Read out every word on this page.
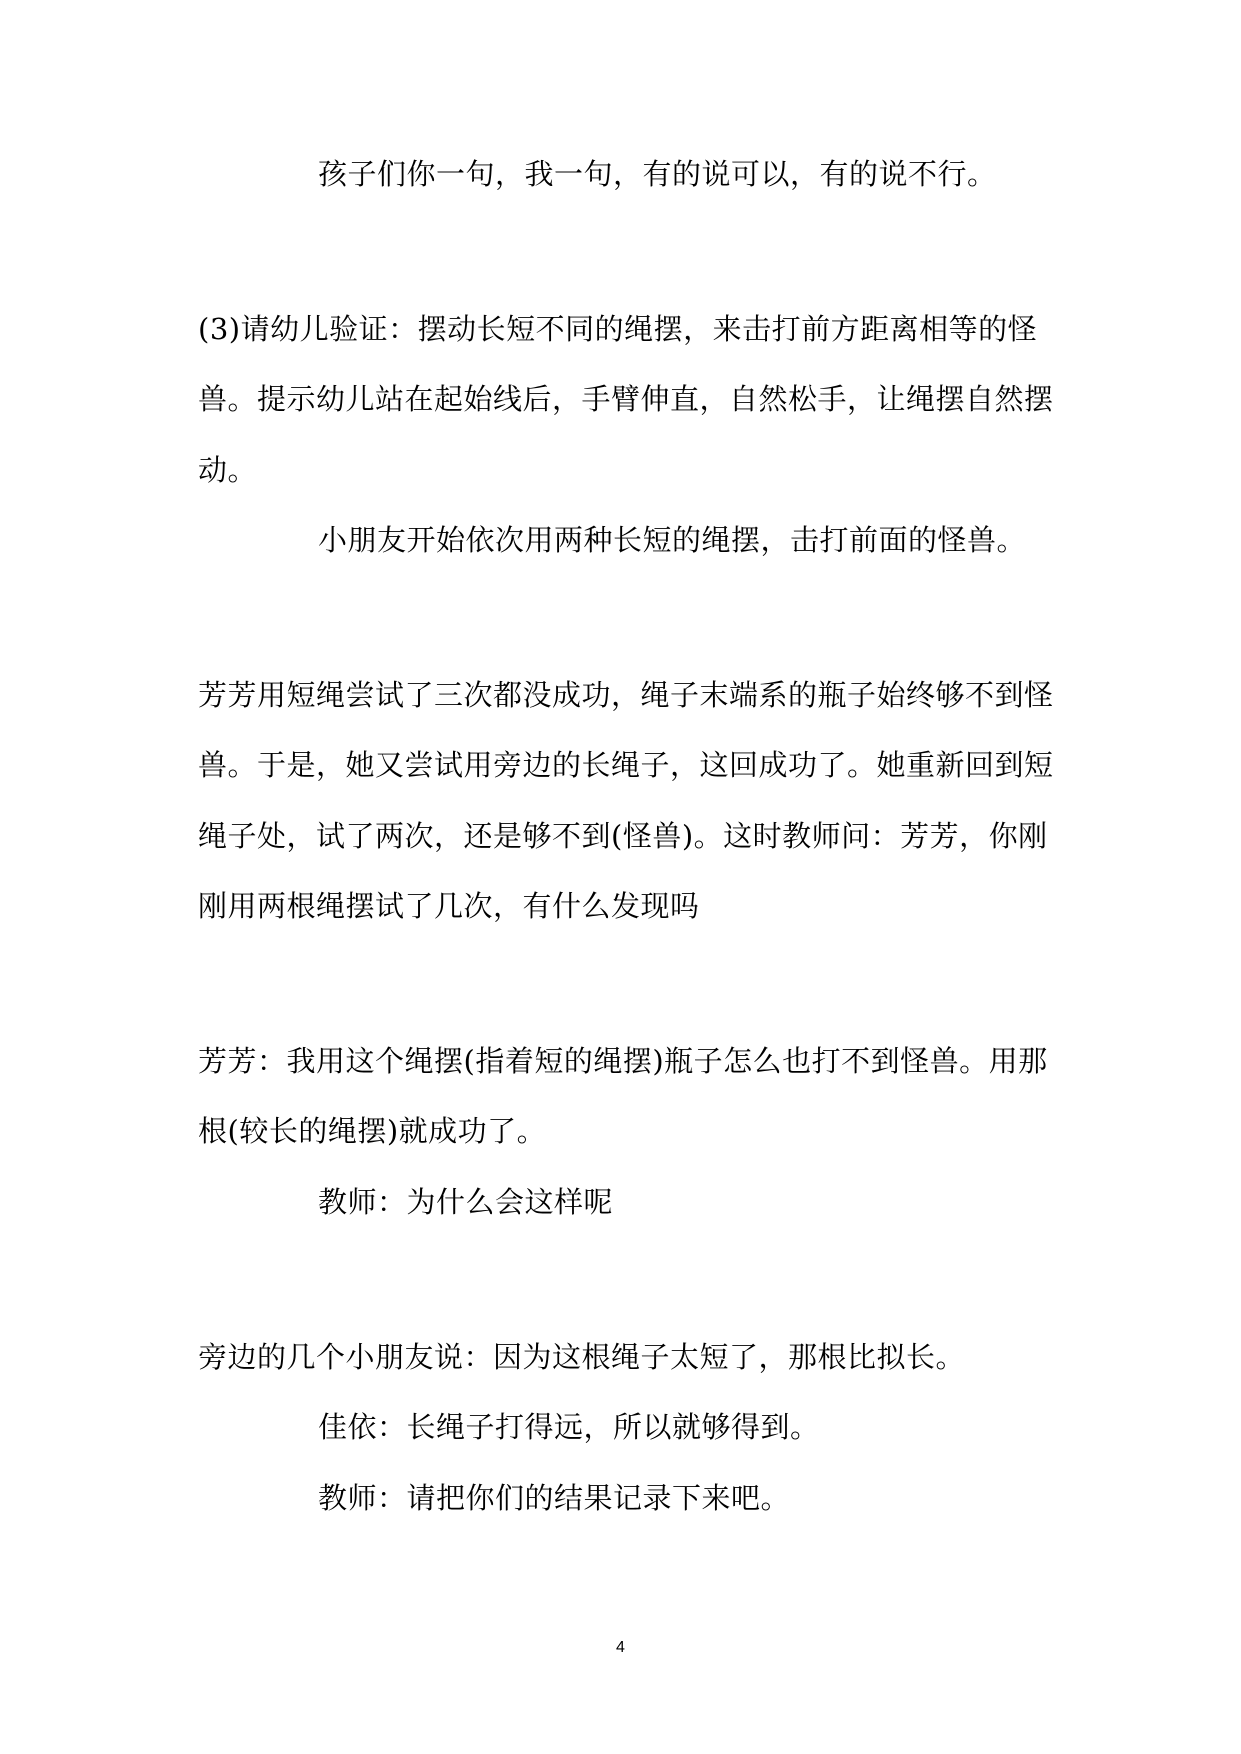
孩子们你一句，我一句，有的说可以，有的说不行。
(3)请幼儿验证：摆动长短不同的绳摆，来击打前方距离相等的怪
兽。提示幼儿站在起始线后，手臂伸直，自然松手，让绳摆自然摆
动。
小朋友开始依次用两种长短的绳摆，击打前面的怪兽。
芳芳用短绳尝试了三次都没成功，绳子末端系的瓶子始终够不到怪
兽。于是，她又尝试用旁边的长绳子，这回成功了。她重新回到短
绳子处，试了两次，还是够不到(怪兽)。这时教师问：芳芳，你刚
刚用两根绳摆试了几次，有什么发现吗
芳芳：我用这个绳摆(指着短的绳摆)瓶子怎么也打不到怪兽。用那
根(较长的绳摆)就成功了。
教师：为什么会这样呢
旁边的几个小朋友说：因为这根绳子太短了，那根比拟长。
佳依：长绳子打得远，所以就够得到。
教师：请把你们的结果记录下来吧。
4
